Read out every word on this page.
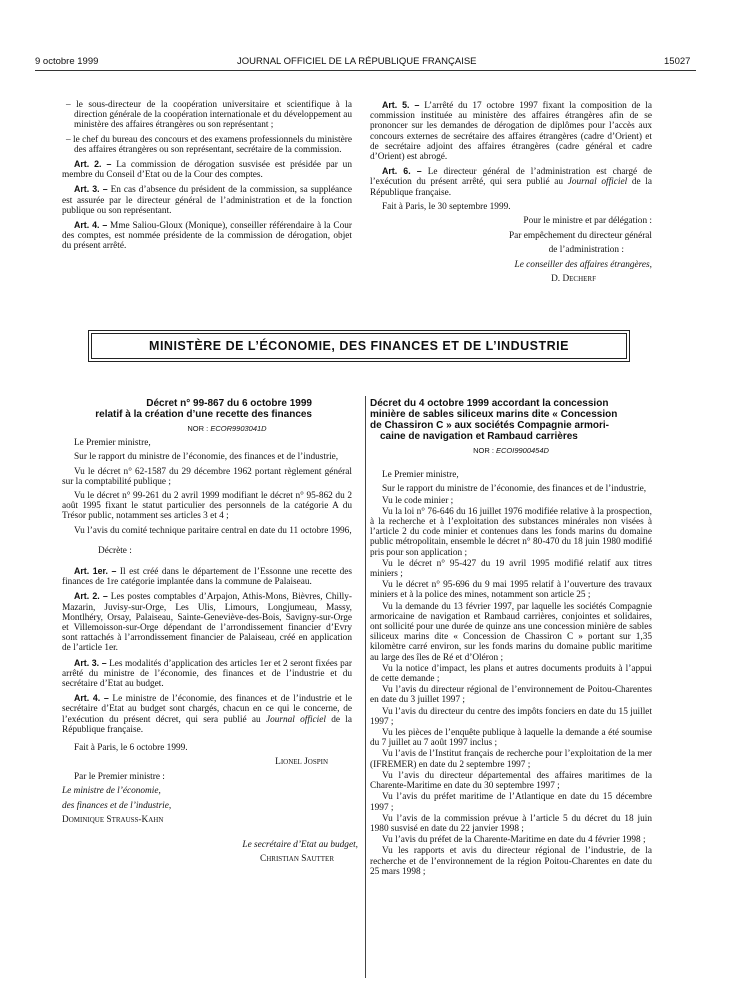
9 octobre 1999	JOURNAL OFFICIEL DE LA RÉPUBLIQUE FRANÇAISE	15027

– le sous-directeur de la coopération universitaire et scientifique à la direction générale de la coopération internationale et du développement au ministère des affaires étrangères ou son représentant ;

– le chef du bureau des concours et des examens professionnels du ministère des affaires étrangères ou son représentant, secrétaire de la commission.

Art. 2. – La commission de dérogation susvisée est présidée par un membre du Conseil d’Etat ou de la Cour des comptes.

Art. 3. – En cas d’absence du président de la commission, sa suppléance est assurée par le directeur général de l’administration et de la fonction publique ou son représentant.

Art. 4. – Mme Saliou-Gloux (Monique), conseiller référendaire à la Cour des comptes, est nommée présidente de la commission de dérogation, objet du présent arrêté.

Art. 5. – L’arrêté du 17 octobre 1997 fixant la composition de la commission instituée au ministère des affaires étrangères afin de se prononcer sur les demandes de dérogation de diplômes pour l’accès aux concours externes de secrétaire des affaires étrangères (cadre d’Orient) et de secrétaire adjoint des affaires étrangères (cadre général et cadre d’Orient) est abrogé.

Art. 6. – Le directeur général de l’administration est chargé de l’exécution du présent arrêté, qui sera publié au Journal officiel de la République française.

Fait à Paris, le 30 septembre 1999.

Pour le ministre et par délégation :

Par empêchement du directeur général

de l’administration :

Le conseiller des affaires étrangères,

D. Decherf

MINISTÈRE DE L’ÉCONOMIE, DES FINANCES ET DE L’INDUSTRIE

Décret n° 99-867 du 6 octobre 1999
relatif à la création d’une recette des finances

NOR : ECOR9903041D

Le Premier ministre,

Sur le rapport du ministre de l’économie, des finances et de l’industrie,

Vu le décret n° 62-1587 du 29 décembre 1962 portant règlement général sur la comptabilité publique ;

Vu le décret n° 99-261 du 2 avril 1999 modifiant le décret n° 95-862 du 2 août 1995 fixant le statut particulier des personnels de la catégorie A du Trésor public, notamment ses articles 3 et 4 ;

Vu l’avis du comité technique paritaire central en date du 11 octobre 1996,

Décrète :

Art. 1er. – Il est créé dans le département de l’Essonne une recette des finances de 1re catégorie implantée dans la commune de Palaiseau.

Art. 2. – Les postes comptables d’Arpajon, Athis-Mons, Bièvres, Chilly-Mazarin, Juvisy-sur-Orge, Les Ulis, Limours, Longjumeau, Massy, Montlhéry, Orsay, Palaiseau, Sainte-Geneviève-des-Bois, Savigny-sur-Orge et Villemoisson-sur-Orge dépendant de l’arrondissement financier d’Evry sont rattachés à l’arrondissement financier de Palaiseau, créé en application de l’article 1er.

Art. 3. – Les modalités d’application des articles 1er et 2 seront fixées par arrêté du ministre de l’économie, des finances et de l’industrie et du secrétaire d’Etat au budget.

Art. 4. – Le ministre de l’économie, des finances et de l’industrie et le secrétaire d’Etat au budget sont chargés, chacun en ce qui le concerne, de l’exécution du présent décret, qui sera publié au Journal officiel de la République française.

Fait à Paris, le 6 octobre 1999.

Lionel Jospin

Par le Premier ministre :

Le ministre de l’économie,

des finances et de l’industrie,

Dominique Strauss-Kahn

Le secrétaire d’Etat au budget,

Christian Sautter

Décret du 4 octobre 1999 accordant la concession
minière de sables siliceux marins dite « Concession
de Chassiron C » aux sociétés Compagnie armori-
caine de navigation et Rambaud carrières

NOR : ECOI9900454D

Le Premier ministre,

Sur le rapport du ministre de l’économie, des finances et de l’industrie,

Vu le code minier ;

Vu la loi n° 76-646 du 16 juillet 1976 modifiée relative à la prospection, à la recherche et à l’exploitation des substances minérales non visées à l’article 2 du code minier et contenues dans les fonds marins du domaine public métropolitain, ensemble le décret n° 80-470 du 18 juin 1980 modifié pris pour son application ;

Vu le décret n° 95-427 du 19 avril 1995 modifié relatif aux titres miniers ;

Vu le décret n° 95-696 du 9 mai 1995 relatif à l’ouverture des travaux miniers et à la police des mines, notamment son article 25 ;

Vu la demande du 13 février 1997, par laquelle les sociétés Compagnie armoricaine de navigation et Rambaud carrières, conjointes et solidaires, ont sollicité pour une durée de quinze ans une concession minière de sables siliceux marins dite « Concession de Chassiron C » portant sur 1,35 kilomètre carré environ, sur les fonds marins du domaine public maritime au large des îles de Ré et d’Oléron ;

Vu la notice d’impact, les plans et autres documents produits à l’appui de cette demande ;

Vu l’avis du directeur régional de l’environnement de Poitou-Charentes en date du 3 juillet 1997 ;

Vu l’avis du directeur du centre des impôts fonciers en date du 15 juillet 1997 ;

Vu les pièces de l’enquête publique à laquelle la demande a été soumise du 7 juillet au 7 août 1997 inclus ;

Vu l’avis de l’Institut français de recherche pour l’exploitation de la mer (IFREMER) en date du 2 septembre 1997 ;

Vu l’avis du directeur départemental des affaires maritimes de la Charente-Maritime en date du 30 septembre 1997 ;

Vu l’avis du préfet maritime de l’Atlantique en date du 15 décembre 1997 ;

Vu l’avis de la commission prévue à l’article 5 du décret du 18 juin 1980 susvisé en date du 22 janvier 1998 ;

Vu l’avis du préfet de la Charente-Maritime en date du 4 février 1998 ;

Vu les rapports et avis du directeur régional de l’industrie, de la recherche et de l’environnement de la région Poitou-Charentes en date du 25 mars 1998 ;
